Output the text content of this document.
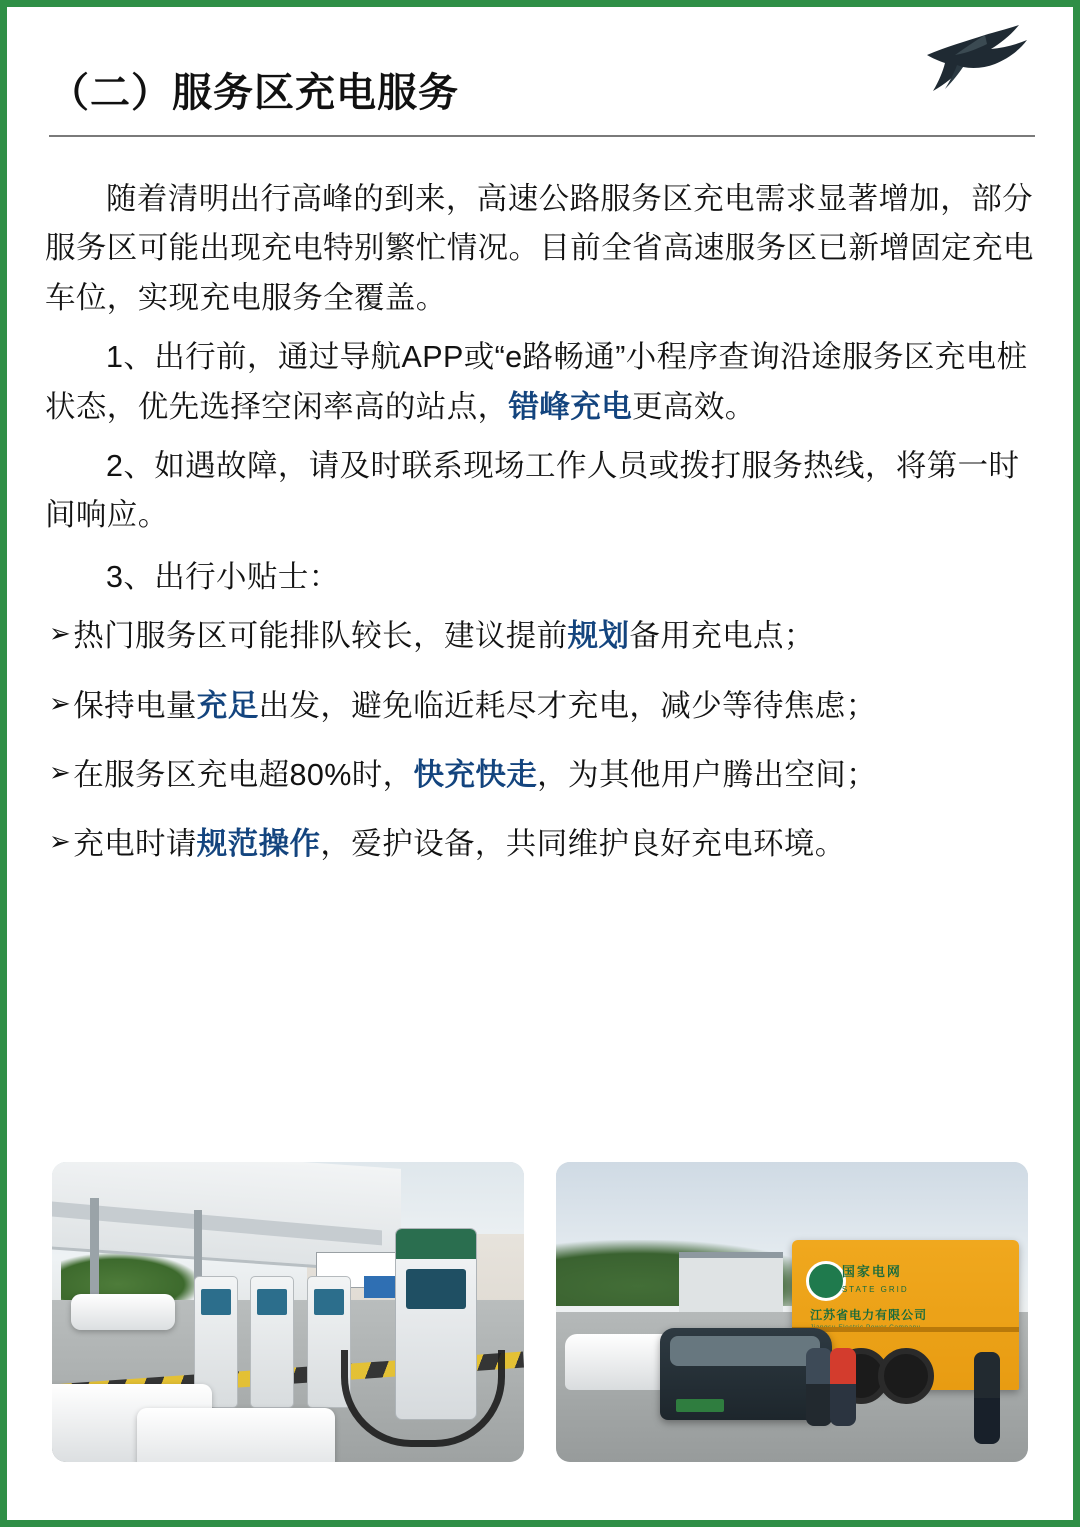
（二）服务区充电服务

随着清明出行高峰的到来，高速公路服务区充电需求显著增加，部分服务区可能出现充电特别繁忙情况。目前全省高速服务区已新增固定充电车位，实现充电服务全覆盖。

1、出行前，通过导航APP或“e路畅通”小程序查询沿途服务区充电桩状态，优先选择空闲率高的站点，错峰充电更高效。

2、如遇故障，请及时联系现场工作人员或拨打服务热线，将第一时间响应。

3、出行小贴士：

➢ 热门服务区可能排队较长，建议提前规划备用充电点；
➢ 保持电量充足出发，避免临近耗尽才充电，减少等待焦虑；
➢ 在服务区充电超80%时，快充快走，为其他用户腾出空间；
➢ 充电时请规范操作，爱护设备，共同维护良好充电环境。
国家电网
STATE GRID
江苏省电力有限公司
